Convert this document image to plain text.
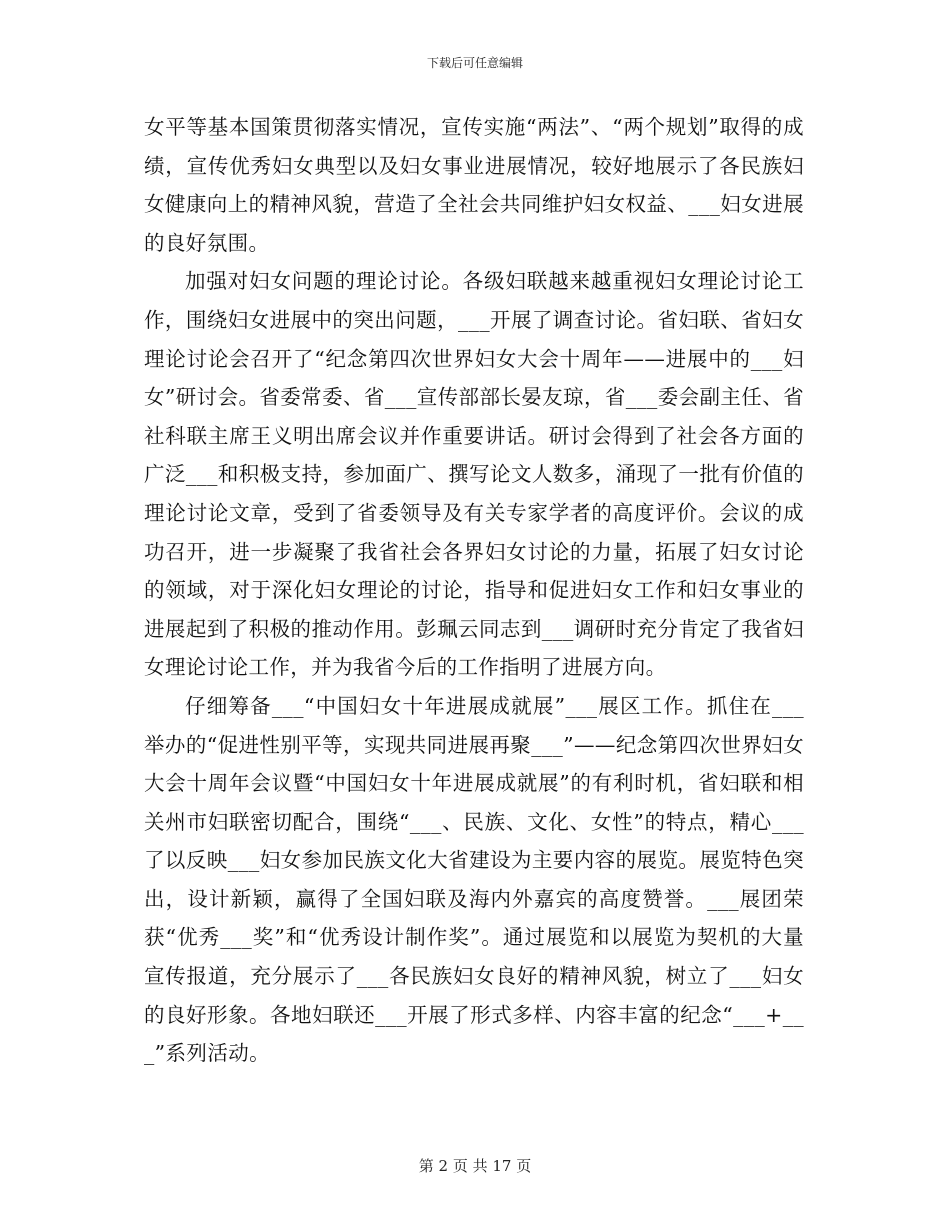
下载后可任意编辑

女平等基本国策贯彻落实情况，宣传实施“两法”、“两个规划”取得的成绩，宣传优秀妇女典型以及妇女事业进展情况，较好地展示了各民族妇女健康向上的精神风貌，营造了全社会共同维护妇女权益、___妇女进展的良好氛围。

加强对妇女问题的理论讨论。各级妇联越来越重视妇女理论讨论工作，围绕妇女进展中的突出问题，___开展了调查讨论。省妇联、省妇女理论讨论会召开了“纪念第四次世界妇女大会十周年——进展中的___妇女”研讨会。省委常委、省___宣传部部长晏友琼，省___委会副主任、省社科联主席王义明出席会议并作重要讲话。研讨会得到了社会各方面的广泛___和积极支持，参加面广、撰写论文人数多，涌现了一批有价值的理论讨论文章，受到了省委领导及有关专家学者的高度评价。会议的成功召开，进一步凝聚了我省社会各界妇女讨论的力量，拓展了妇女讨论的领域，对于深化妇女理论的讨论，指导和促进妇女工作和妇女事业的进展起到了积极的推动作用。彭珮云同志到___调研时充分肯定了我省妇女理论讨论工作，并为我省今后的工作指明了进展方向。

仔细筹备___“中国妇女十年进展成就展”___展区工作。抓住在___举办的“促进性别平等，实现共同进展再聚___”——纪念第四次世界妇女大会十周年会议暨“中国妇女十年进展成就展”的有利时机，省妇联和相关州市妇联密切配合，围绕“___、民族、文化、女性”的特点，精心___了以反映___妇女参加民族文化大省建设为主要内容的展览。展览特色突出，设计新颖，赢得了全国妇联及海内外嘉宾的高度赞誉。___展团荣获“优秀___奖”和“优秀设计制作奖”。通过展览和以展览为契机的大量宣传报道，充分展示了___各民族妇女良好的精神风貌，树立了___妇女的良好形象。各地妇联还___开展了形式多样、内容丰富的纪念“___+___”系列活动。

第 2 页 共 17 页
